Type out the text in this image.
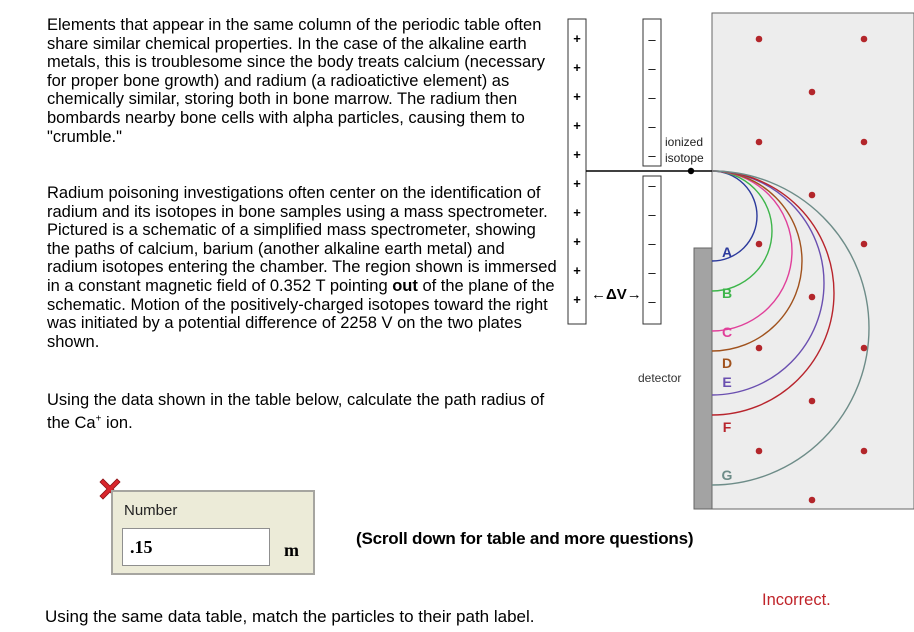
Elements that appear in the same column of the periodic table often share similar chemical properties. In the case of the alkaline earth metals, this is troublesome since the body treats calcium (necessary for proper bone growth) and radium (a radioatictive element) as chemically similar, storing both in bone marrow. The radium then bombards nearby bone cells with alpha particles, causing them to "crumble."

Radium poisoning investigations often center on the identification of radium and its isotopes in bone samples using a mass spectrometer. Pictured is a schematic of a simplified mass spectrometer, showing the paths of calcium, barium (another alkaline earth metal) and radium isotopes entering the chamber. The region shown is immersed in a constant magnetic field of 0.352 T pointing out of the plane of the schematic. Motion of the positively-charged isotopes toward the right was initiated by a potential difference of 2258 V on the two plates shown.

Using the data shown in the table below, calculate the path radius of the Ca+ ion.

Number
.15	m
(Scroll down for table and more questions)
Incorrect.
Using the same data table, match the particles to their path label.
+
+
+
+
+
+
+
+
+
+
–
–
–
–
–
–
–
–
–
–
ionized
isotope
←ΔV→
detector
A
B
C
D
E
F
G
